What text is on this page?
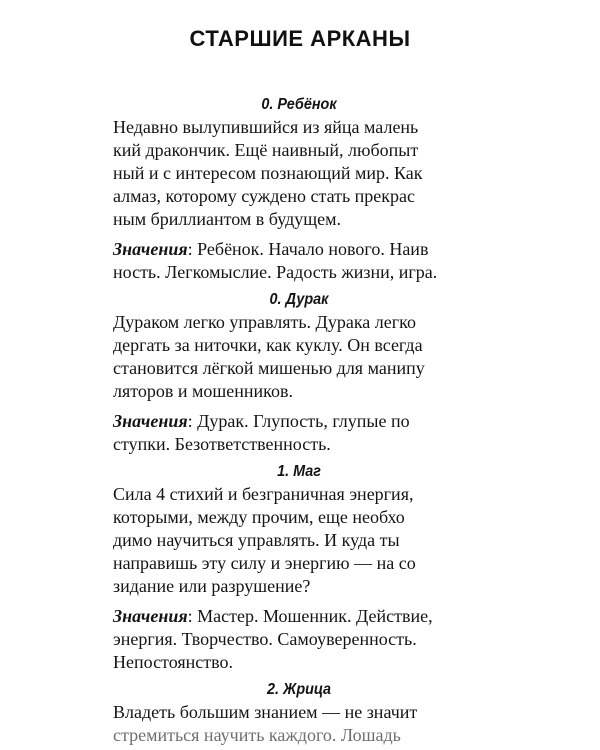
СТАРШИЕ АРКАНЫ

0. Ребёнок

Недавно вылупившийся из яйца малень

кий дракончик. Ещё наивный, любопыт

ный и с интересом познающий мир. Как

алмаз, которому суждено стать прекрас

ным бриллиантом в будущем.

Значения: Ребёнок. Начало нового. Наив

ность. Легкомыслие. Радость жизни, игра.

0. Дурак

Дураком легко управлять. Дурака легко

дергать за ниточки, как куклу. Он всегда

становится лёгкой мишенью для манипу

ляторов и мошенников.

Значения: Дурак. Глупость, глупые по

ступки. Безответственность.

1. Маг

Сила 4 стихий и безграничная энергия,

которыми, между прочим, еще необхо

димо научиться управлять. И куда ты

направишь эту силу и энергию — на со

зидание или разрушение?

Значения: Мастер. Мошенник. Действие,

энергия. Творчество. Самоуверенность.

Непостоянство.

2. Жрица

Владеть большим знанием — не значит

стремиться научить каждого. Лошадь
